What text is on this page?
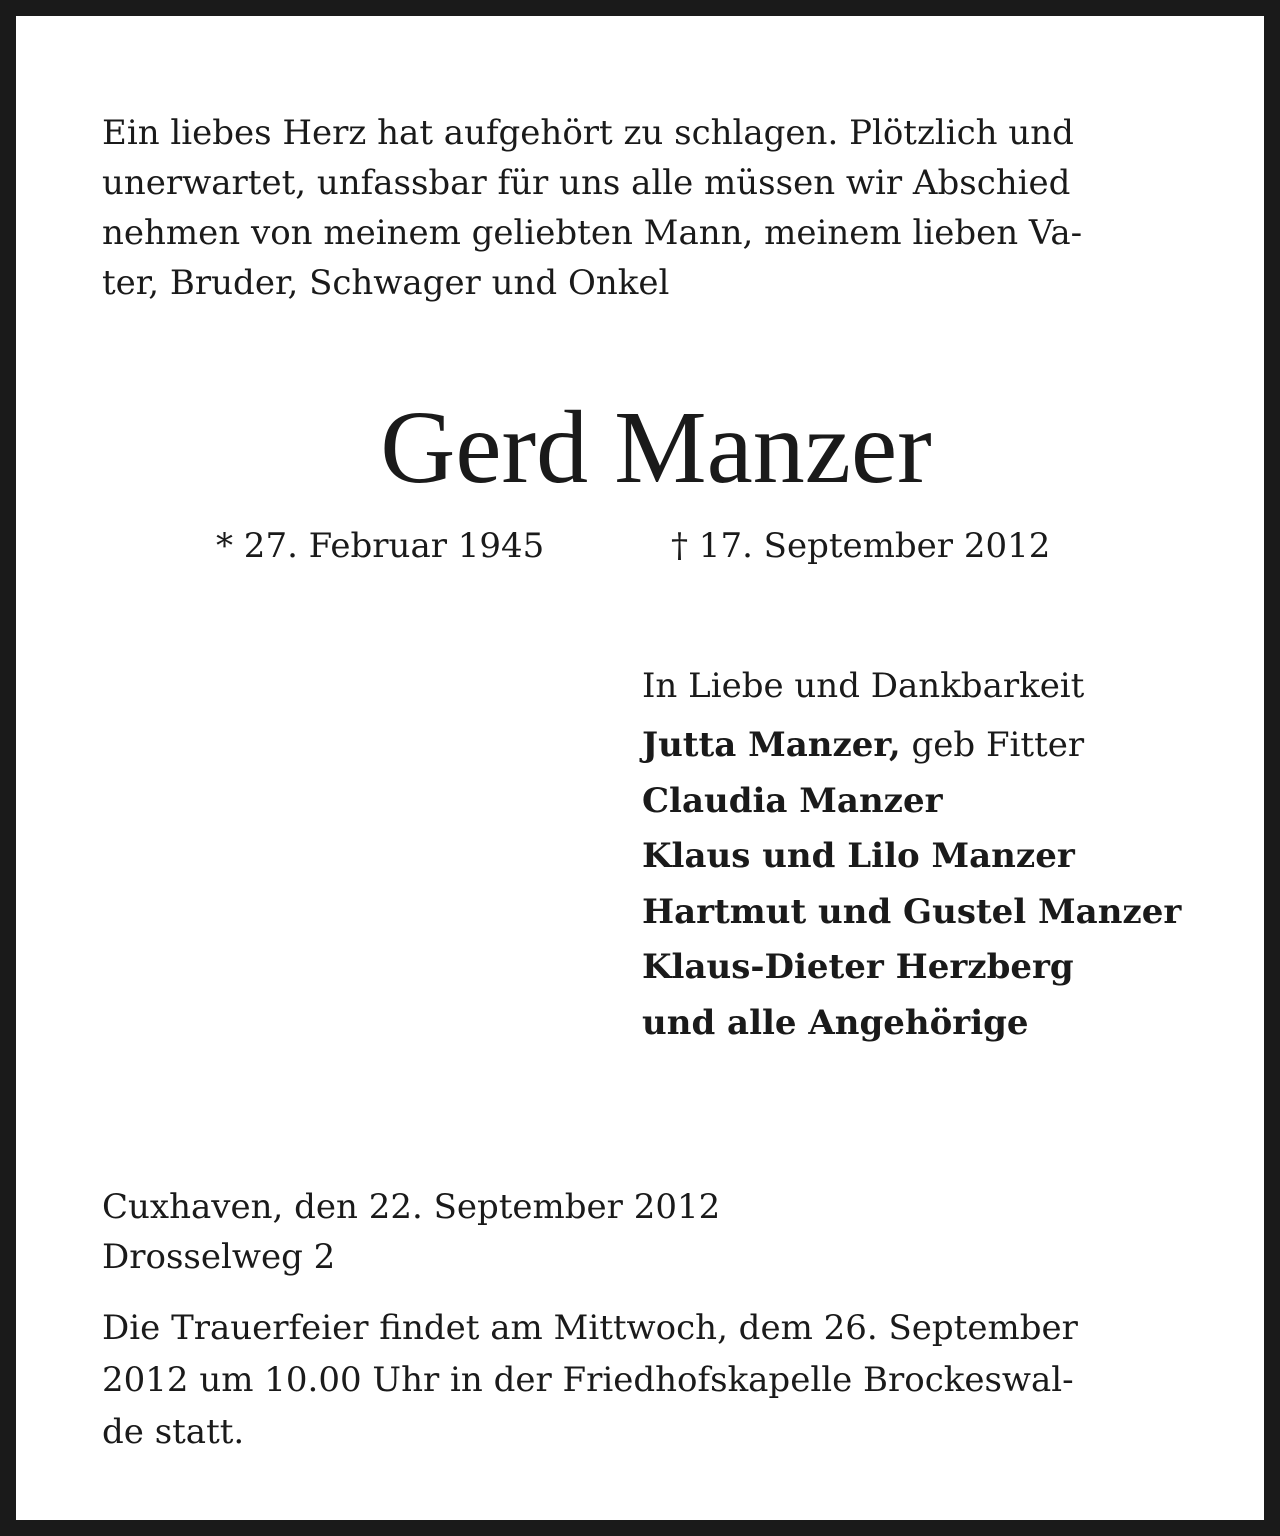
Ein liebes Herz hat aufgehört zu schlagen. Plötzlich und
unerwartet, unfassbar für uns alle müssen wir Abschied
nehmen von meinem geliebten Mann, meinem lieben Va-
ter, Bruder, Schwager und Onkel
Gerd Manzer
* 27. Februar 1945	† 17. September 2012
In Liebe und Dankbarkeit
Jutta Manzer, geb Fitter
Claudia Manzer
Klaus und Lilo Manzer
Hartmut und Gustel Manzer
Klaus-Dieter Herzberg
und alle Angehörige
Cuxhaven, den 22. September 2012
Drosselweg 2
Die Trauerfeier findet am Mittwoch, dem 26. September
2012 um 10.00 Uhr in der Friedhofskapelle Brockeswal-
de statt.
